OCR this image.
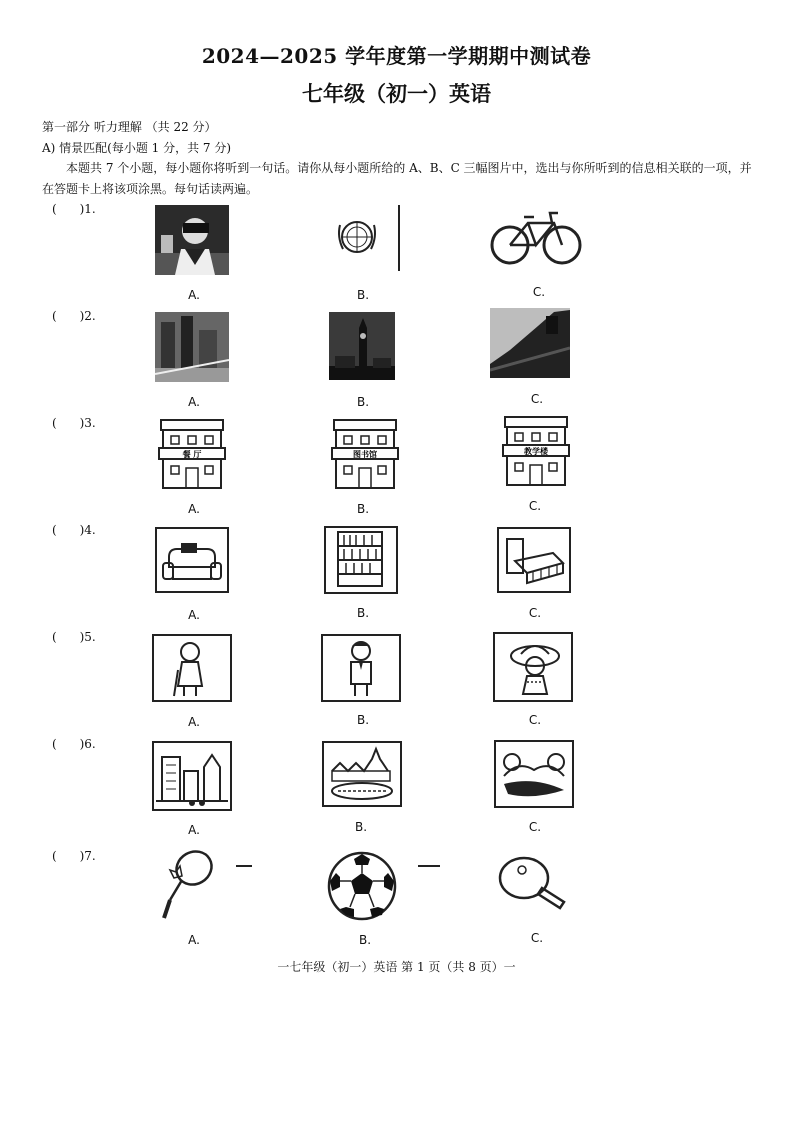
2024—2025 学年度第一学期期中测试卷
七年级（初一）英语
第一部分 听力理解 （共 22 分）
A) 情景匹配(每小题 1 分，共 7 分)
本题共 7 个小题，每小题你将听到一句话。请你从每小题所给的 A、B、C 三幅图片中，选出与你所听到的信息相关联的一项，并在答题卡上将该项涂黑。每句话读两遍。
(      )1.
A.	B.	C.
(      )2.
A.	B.	C.
(      )3.
餐 厅	图书馆	教学楼
A.	B.	C.
(      )4.
A.	B.	C.
(      )5.
A.	B.	C.
(      )6.
A.	B.	C.
(      )7.
A.	B.	C.
一七年级（初一）英语 第 1 页（共 8 页）一
